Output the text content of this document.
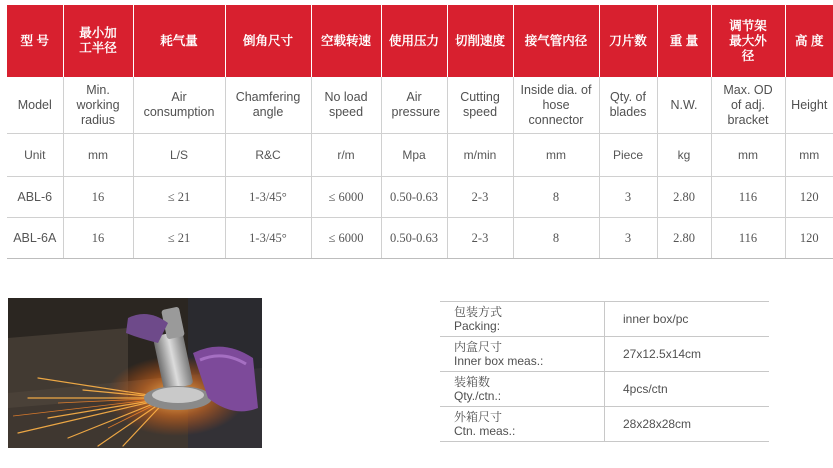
型 号	最小加工半径	耗气量	倒角尺寸	空载转速	使用压力	切削速度	接气管内径	刀片数	重 量	调节架最大外径	高 度
Model	Min. working radius	Air consumption	Chamfering angle	No load speed	Air pressure	Cutting speed	Inside dia. of hose connector	Qty. of blades	N.W.	Max. OD of adj. bracket	Height
Unit	mm	L/S	R&C	r/m	Mpa	m/min	mm	Piece	kg	mm	mm
ABL-6	16	≤ 21	1-3/45°	≤ 6000	0.50-0.63	2-3	8	3	2.80	116	120
ABL-6A	16	≤ 21	1-3/45°	≤ 6000	0.50-0.63	2-3	8	3	2.80	116	120
包装方式
Packing:	inner box/pc

内盒尺寸
Inner box meas.:	27x12.5x14cm

装箱数
Qty./ctn.:	4pcs/ctn

外箱尺寸
Ctn. meas.:	28x28x28cm
